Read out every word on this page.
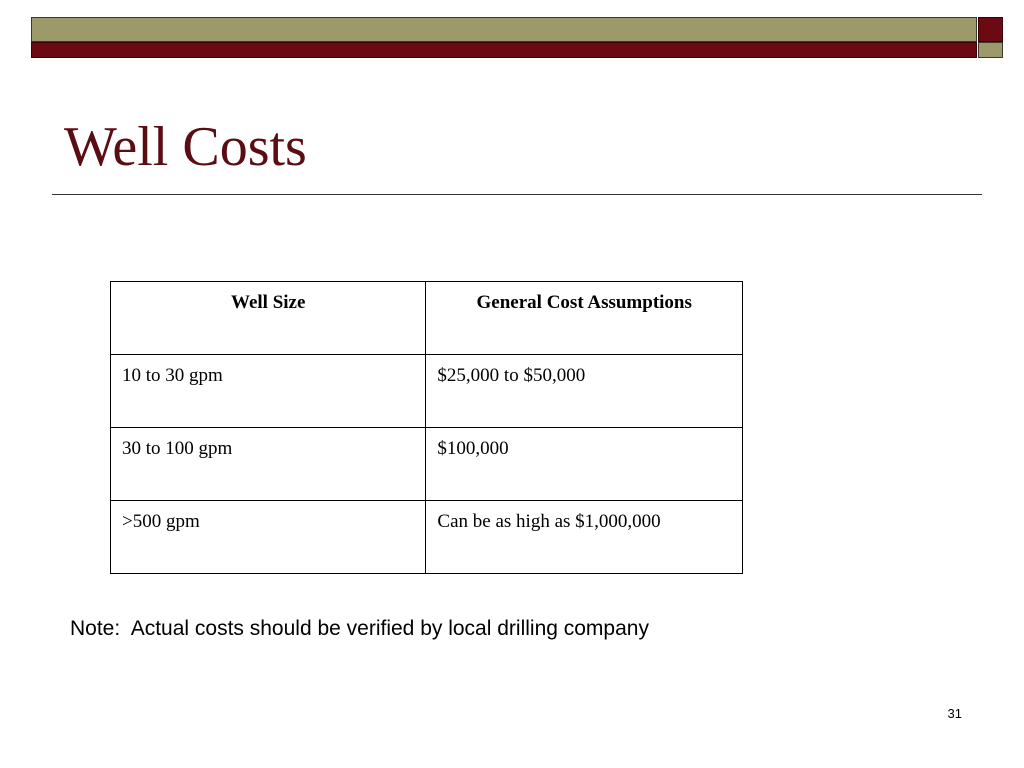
Well Costs
Well Size	General Cost Assumptions
10 to 30 gpm	$25,000 to $50,000
30 to 100 gpm	$100,000
>500 gpm	Can be as high as $1,000,000

Note:  Actual costs should be verified by local drilling company

31
